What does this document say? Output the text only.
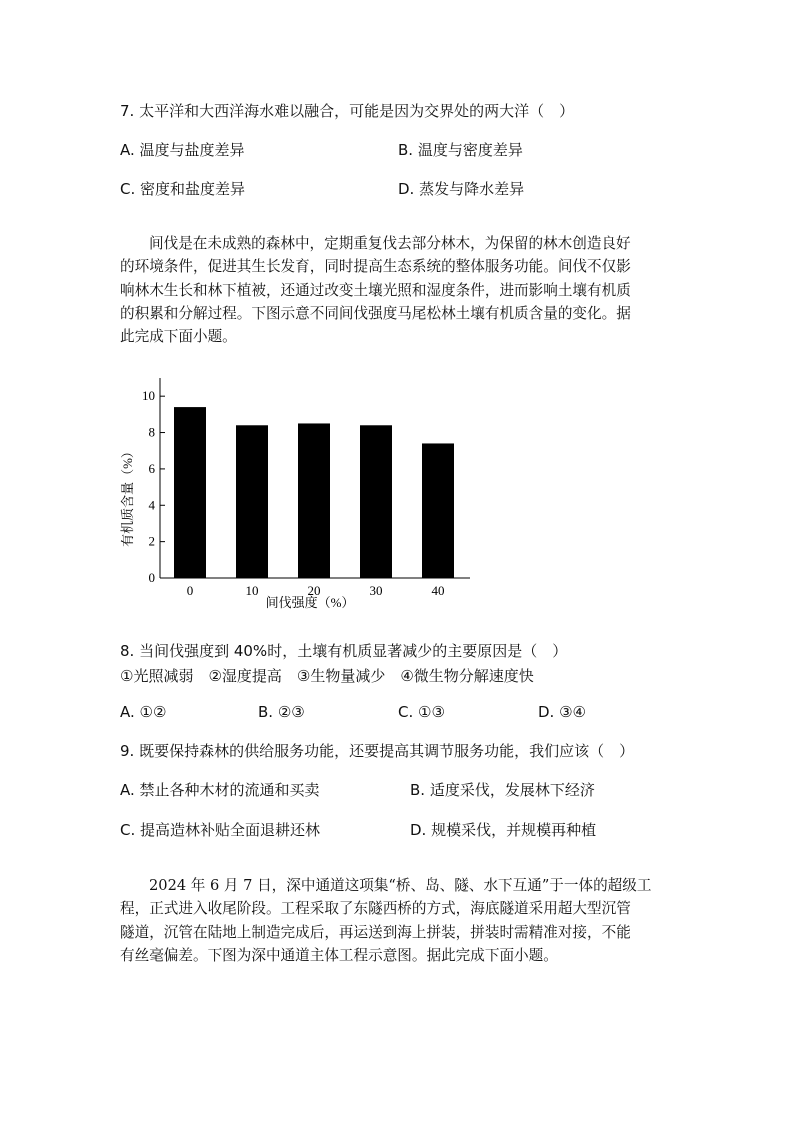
7. 太平洋和大西洋海水难以融合，可能是因为交界处的两大洋（　）
A. 温度与盐度差异	B. 温度与密度差异
C. 密度和盐度差异	D. 蒸发与降水差异
间伐是在未成熟的森林中，定期重复伐去部分林木，为保留的林木创造良好
的环境条件，促进其生长发育，同时提高生态系统的整体服务功能。间伐不仅影
响林木生长和林下植被，还通过改变土壤光照和湿度条件，进而影响土壤有机质
的积累和分解过程。下图示意不同间伐强度马尾松林土壤有机质含量的变化。据
此完成下面小题。
0
2
4
6
8
10
0	10	20	30	40
有机质含量（%）
间伐强度（%）
8. 当间伐强度到 40%时，土壤有机质显著减少的主要原因是（　）
①光照减弱　②湿度提高　③生物量减少　④微生物分解速度快
A. ①②	B. ②③	C. ①③	D. ③④
9. 既要保持森林的供给服务功能，还要提高其调节服务功能，我们应该（　）
A. 禁止各种木材的流通和买卖	B. 适度采伐，发展林下经济
C. 提高造林补贴全面退耕还林	D. 规模采伐，并规模再种植
2024 年 6 月 7 日，深中通道这项集“桥、岛、隧、水下互通”于一体的超级工
程，正式进入收尾阶段。工程采取了东隧西桥的方式，海底隧道采用超大型沉管
隧道，沉管在陆地上制造完成后，再运送到海上拼装，拼装时需精准对接，不能
有丝毫偏差。下图为深中通道主体工程示意图。据此完成下面小题。
